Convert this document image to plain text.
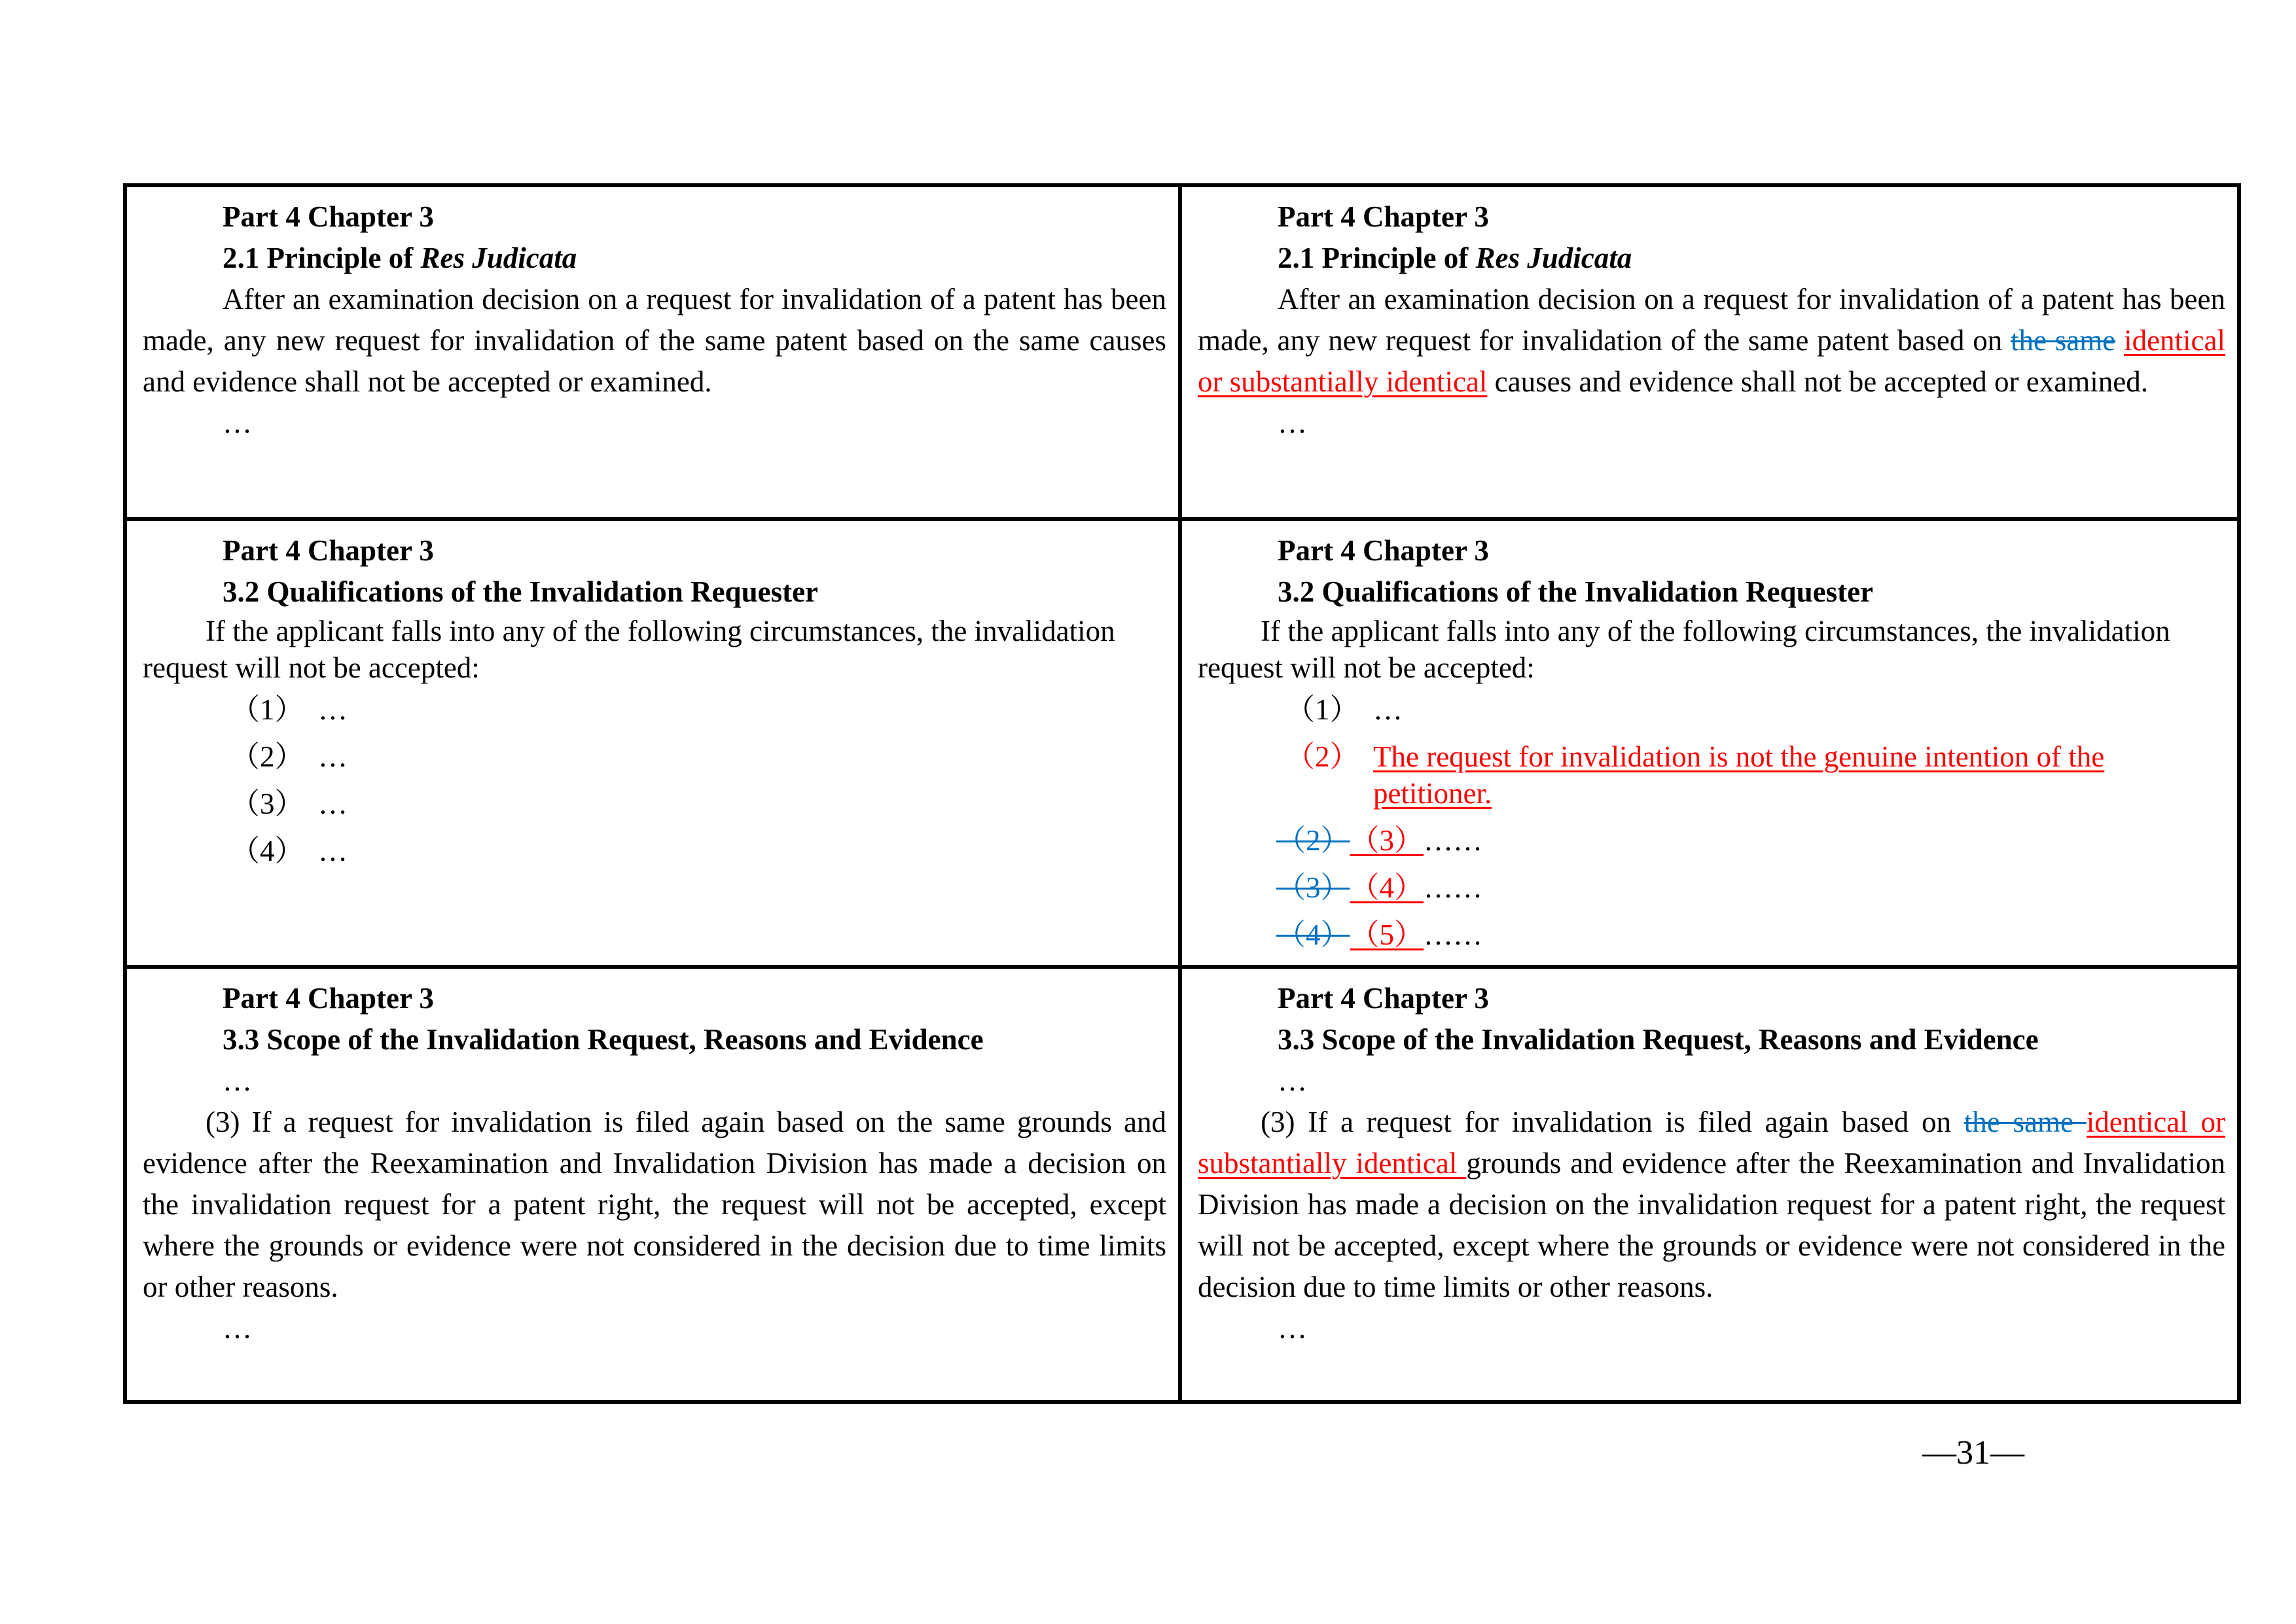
Part 4 Chapter 3

2.1 Principle of Res Judicata

After an examination decision on a request for invalidation of a patent has been made, any new request for invalidation of the same patent based on the same causes and evidence shall not be accepted or examined.

…

Part 4 Chapter 3

2.1 Principle of Res Judicata

After an examination decision on a request for invalidation of a patent has been made, any new request for invalidation of the same patent based on the same identical or substantially identical causes and evidence shall not be accepted or examined.

…

Part 4 Chapter 3

3.2 Qualifications of the Invalidation Requester

If the applicant falls into any of the following circumstances, the invalidation request will not be accepted:

（1） …
（2） …
（3） …
（4） …

Part 4 Chapter 3

3.2 Qualifications of the Invalidation Requester

If the applicant falls into any of the following circumstances, the invalidation request will not be accepted:

（1） …
（2） The request for invalidation is not the genuine intention of the petitioner.
（2） （3） ……
（3） （4） ……
（4） （5） ……

Part 4 Chapter 3

3.3 Scope of the Invalidation Request, Reasons and Evidence

…

(3) If a request for invalidation is filed again based on the same grounds and evidence after the Reexamination and Invalidation Division has made a decision on the invalidation request for a patent right, the request will not be accepted, except where the grounds or evidence were not considered in the decision due to time limits or other reasons.

…

Part 4 Chapter 3

3.3 Scope of the Invalidation Request, Reasons and Evidence

…

(3) If a request for invalidation is filed again based on the same identical or substantially identical grounds and evidence after the Reexamination and Invalidation Division has made a decision on the invalidation request for a patent right, the request will not be accepted, except where the grounds or evidence were not considered in the decision due to time limits or other reasons.

…

—31—
